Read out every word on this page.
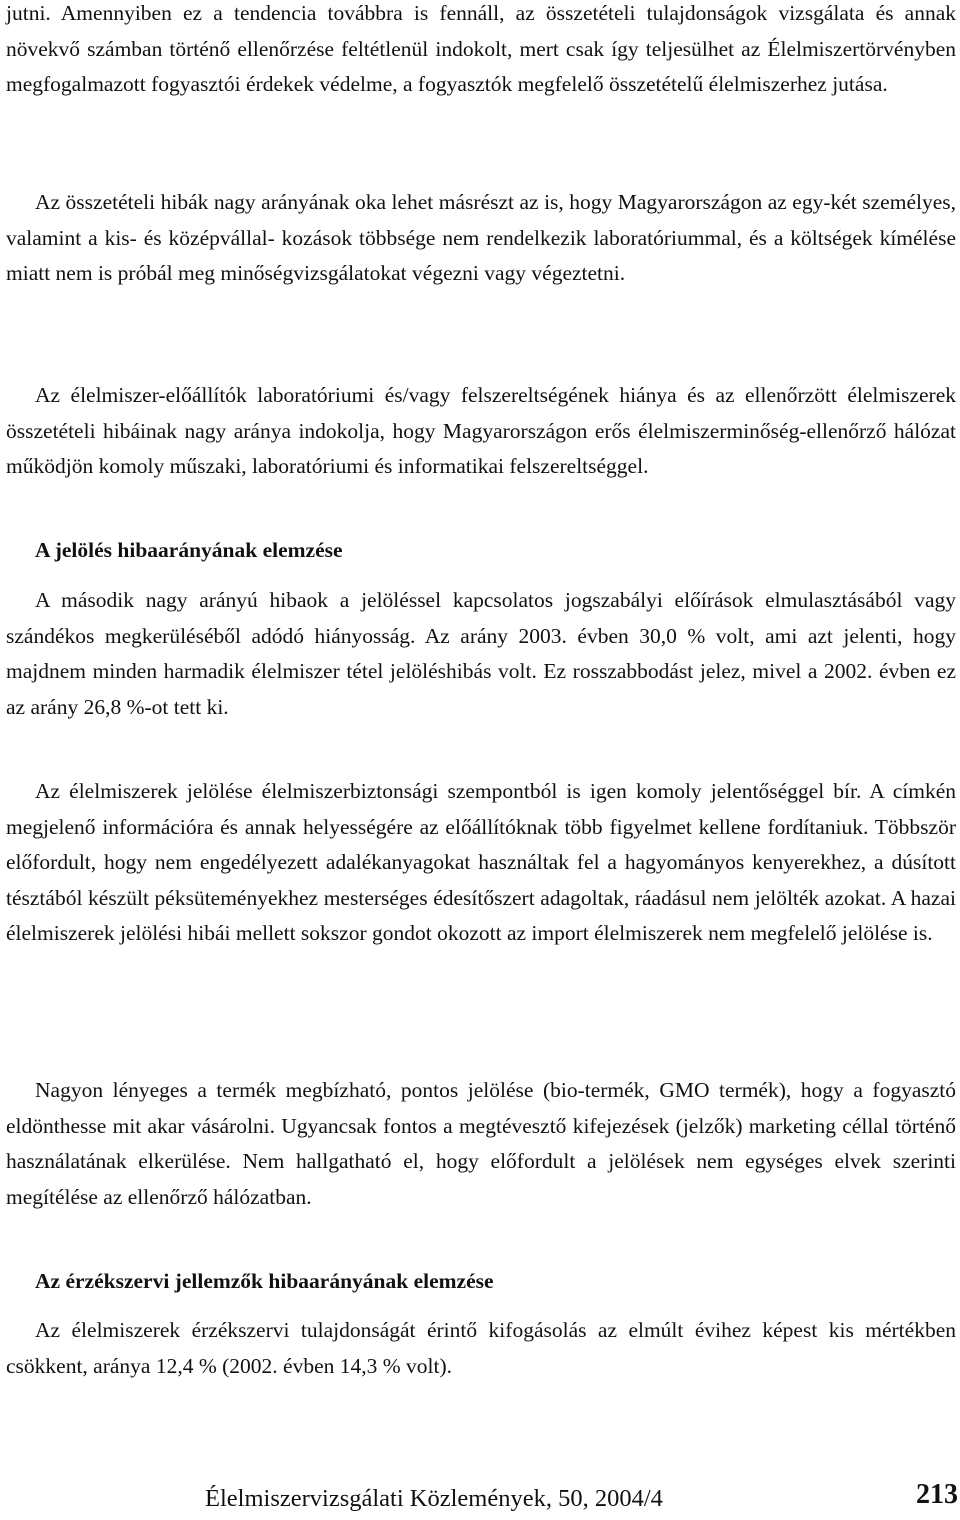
jutni. Amennyiben ez a tendencia továbbra is fennáll, az összetételi tulajdonságok vizsgálata és annak növekvő számban történő ellenőrzése feltétlenül indokolt, mert csak így teljesülhet az Élelmiszertörvényben megfogalmazott fogyasztói érdekek védelme, a fogyasztók megfelelő összetételű élelmiszerhez jutása.

Az összetételi hibák nagy arányának oka lehet másrészt az is, hogy Magyarországon az egy-két személyes, valamint a kis- és középvállal- kozások többsége nem rendelkezik laboratóriummal, és a költségek kímélése miatt nem is próbál meg minőségvizsgálatokat végezni vagy végeztetni.

Az élelmiszer-előállítók laboratóriumi és/vagy felszereltségének hiánya és az ellenőrzött élelmiszerek összetételi hibáinak nagy aránya indokolja, hogy Magyarországon erős élelmiszerminőség-ellenőrző hálózat működjön komoly műszaki, laboratóriumi és informatikai felszereltséggel.

A jelölés hibaarányának elemzése

A második nagy arányú hibaok a jelöléssel kapcsolatos jogszabályi előírások elmulasztásából vagy szándékos megkerüléséből adódó hiányosság. Az arány 2003. évben 30,0 % volt, ami azt jelenti, hogy majdnem minden harmadik élelmiszer tétel jelöléshibás volt. Ez rosszabbodást jelez, mivel a 2002. évben ez az arány 26,8 %-ot tett ki.

Az élelmiszerek jelölése élelmiszerbiztonsági szempontból is igen komoly jelentőséggel bír. A címkén megjelenő információra és annak helyességére az előállítóknak több figyelmet kellene fordítaniuk. Többször előfordult, hogy nem engedélyezett adalékanyagokat használtak fel a hagyományos kenyerekhez, a dúsított tésztából készült péksüteményekhez mesterséges édesítőszert adagoltak, ráadásul nem jelölték azokat. A hazai élelmiszerek jelölési hibái mellett sokszor gondot okozott az import élelmiszerek nem megfelelő jelölése is.

Nagyon lényeges a termék megbízható, pontos jelölése (bio-termék, GMO termék), hogy a fogyasztó eldönthesse mit akar vásárolni. Ugyancsak fontos a megtévesztő kifejezések (jelzők) marketing céllal történő használatának elkerülése. Nem hallgatható el, hogy előfordult a jelölések nem egységes elvek szerinti megítélése az ellenőrző hálózatban.

Az érzékszervi jellemzők hibaarányának elemzése

Az élelmiszerek érzékszervi tulajdonságát érintő kifogásolás az elmúlt évihez képest kis mértékben csökkent, aránya 12,4 % (2002. évben 14,3 % volt).

Élelmiszervizsgálati Közlemények, 50, 2004/4	213
